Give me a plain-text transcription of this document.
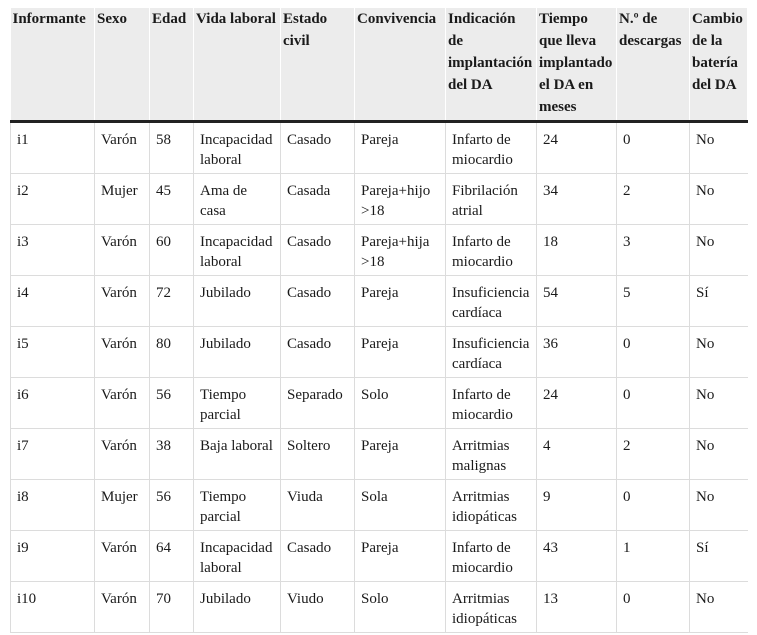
Informante	Sexo	Edad	Vida laboral	Estado civil	Convivencia	Indicación de implantación del DA	Tiempo que lleva implantado el DA en meses	N.º de descargas	Cambio de la batería del DA
i1	Varón	58	Incapacidad laboral	Casado	Pareja	Infarto de miocardio	24	0	No
i2	Mujer	45	Ama de casa	Casada	Pareja+hijo >18	Fibrilación atrial	34	2	No
i3	Varón	60	Incapacidad laboral	Casado	Pareja+hija >18	Infarto de miocardio	18	3	No
i4	Varón	72	Jubilado	Casado	Pareja	Insuficiencia cardíaca	54	5	Sí
i5	Varón	80	Jubilado	Casado	Pareja	Insuficiencia cardíaca	36	0	No
i6	Varón	56	Tiempo parcial	Separado	Solo	Infarto de miocardio	24	0	No
i7	Varón	38	Baja laboral	Soltero	Pareja	Arritmias malignas	4	2	No
i8	Mujer	56	Tiempo parcial	Viuda	Sola	Arritmias idiopáticas	9	0	No
i9	Varón	64	Incapacidad laboral	Casado	Pareja	Infarto de miocardio	43	1	Sí
i10	Varón	70	Jubilado	Viudo	Solo	Arritmias idiopáticas	13	0	No
